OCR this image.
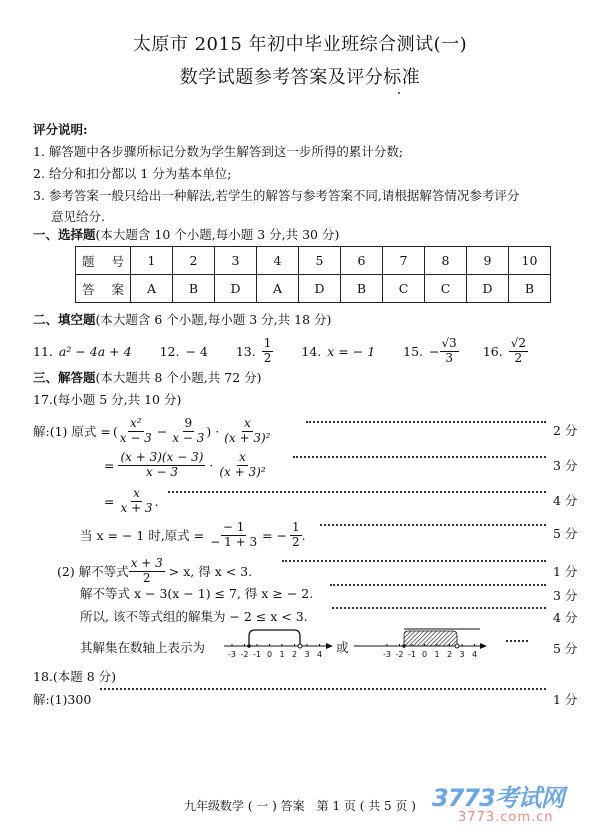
太原市 2015 年初中毕业班综合测试(一)
数学试题参考答案及评分标准
评分说明:
1. 解答题中各步骤所标记分数为学生解答到这一步所得的累计分数;
2. 给分和扣分都以 1 分为基本单位;
3. 参考答案一般只给出一种解法,若学生的解答与参考答案不同,请根据解答情况参考评分
意见给分.
一、选择题(本大题含 10 个小题,每小题 3 分,共 30 分)
题 号	1	2	3	4	5	6	7	8	9	10

答 案	A	B	D	A	D	B	C	C	D	B
二、填空题(本大题含 6 个小题,每小题 3 分,共 18 分)
11. a² − 4a + 4 12. − 4 13. $\frac{1}{2} 14$. x = − 1 15. − $\frac{√3}{3} 16$. $\frac{√2}{2}$
三、解答题(本大题共 8 个小题,共 72 分)
17.(每小题 5 分,共 10 分)
解:(1) 原式 = ( $\frac{\text{x²}}{x - 3} - \frac{9}{x - 3}$ ) · $\frac{x}{\text{(x + 3)²}}$	2 分
= $\frac{(x + 3)(x - 3)}{x - 3} \cdot \frac{x}{\text{(x + 3)²}}$	3 分
= $\frac{x}{x + 3}$ .	4 分
当 x = − 1 时,原式 = $\frac{- 1}{- 1 + 3}$ = − $\frac{1}{2}$ .	5 分
(2) 解不等式 $\frac{x + 3}{2} > x$, 得 x < 3.	1 分
解不等式 x − 3(x − 1) ≤ 7, 得 x ≥ − 2.	3 分
所以, 该不等式组的解集为 − 2 ≤ x < 3.	4 分
其解集在数轴上表示为	-3 -2 -1 0 1 2 3 4 或	-3 -2 -1 0 1 2 3 4	5 分
18.(本题 8 分)
解:(1)300	1 分
九年级数学 ( 一 ) 答案　第 1 页 ( 共 5 页 ) 3773考试网
3773.com.cn
